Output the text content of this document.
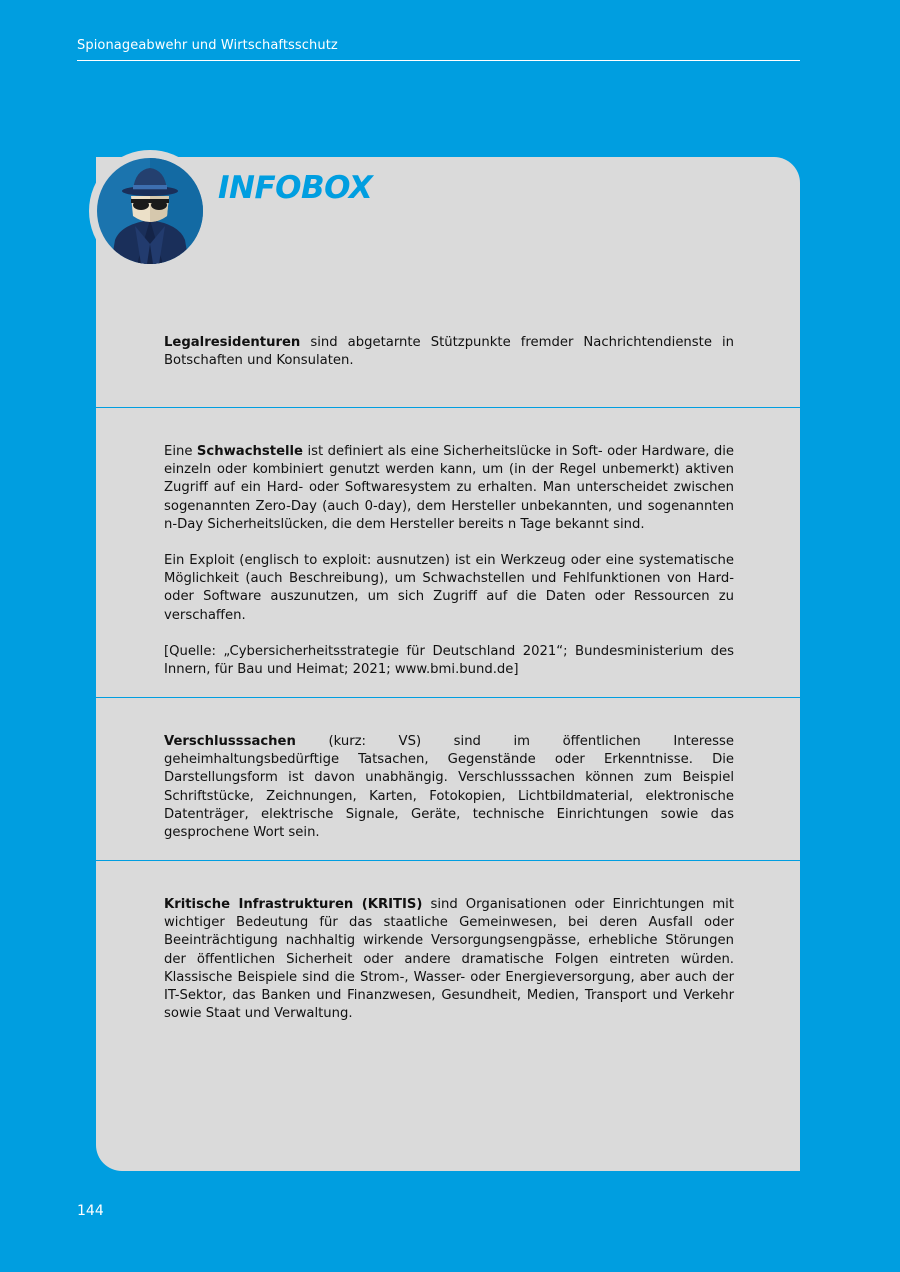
Spionageabwehr und Wirtschaftsschutz

Legalresidenturen sind abgetarnte Stützpunkte fremder Nachrichtendienste in Botschaften und Konsulaten.

Eine Schwachstelle ist definiert als eine Sicherheitslücke in Soft- oder Hardware, die einzeln oder kombiniert genutzt werden kann, um (in der Regel unbemerkt) aktiven Zugriff auf ein Hard- oder Softwaresystem zu erhalten. Man unterscheidet zwischen sogenannten Zero-Day (auch 0-day), dem Hersteller unbekannten, und sogenannten n-Day Sicherheitslücken, die dem Hersteller bereits n Tage bekannt sind.

Ein Exploit (englisch to exploit: ausnutzen) ist ein Werkzeug oder eine systematische Möglichkeit (auch Beschreibung), um Schwachstellen und Fehlfunktionen von Hard- oder Software auszunutzen, um sich Zugriff auf die Daten oder Ressourcen zu verschaffen.

[Quelle: „Cybersicherheitsstrategie für Deutschland 2021“; Bundesministerium des Innern, für Bau und Heimat; 2021; www.bmi.bund.de]

Verschlusssachen (kurz: VS) sind im öffentlichen Interesse geheimhaltungsbedürftige Tatsachen, Gegenstände oder Erkenntnisse. Die Darstellungsform ist davon unabhängig. Verschlusssachen können zum Beispiel Schriftstücke, Zeichnungen, Karten, Fotokopien, Lichtbildmaterial, elektronische Datenträger, elektrische Signale, Geräte, technische Einrichtungen sowie das gesprochene Wort sein.

Kritische Infrastrukturen (KRITIS) sind Organisationen oder Einrichtungen mit wichtiger Bedeutung für das staatliche Gemeinwesen, bei deren Ausfall oder Beeinträchtigung nachhaltig wirkende Versorgungsengpässe, erhebliche Störungen der öffentlichen Sicherheit oder andere dramatische Folgen eintreten würden. Klassische Beispiele sind die Strom-, Wasser- oder Energieversorgung, aber auch der IT-Sektor, das Banken und Finanzwesen, Gesundheit, Medien, Transport und Verkehr sowie Staat und Verwaltung.

INFOBOX
144
